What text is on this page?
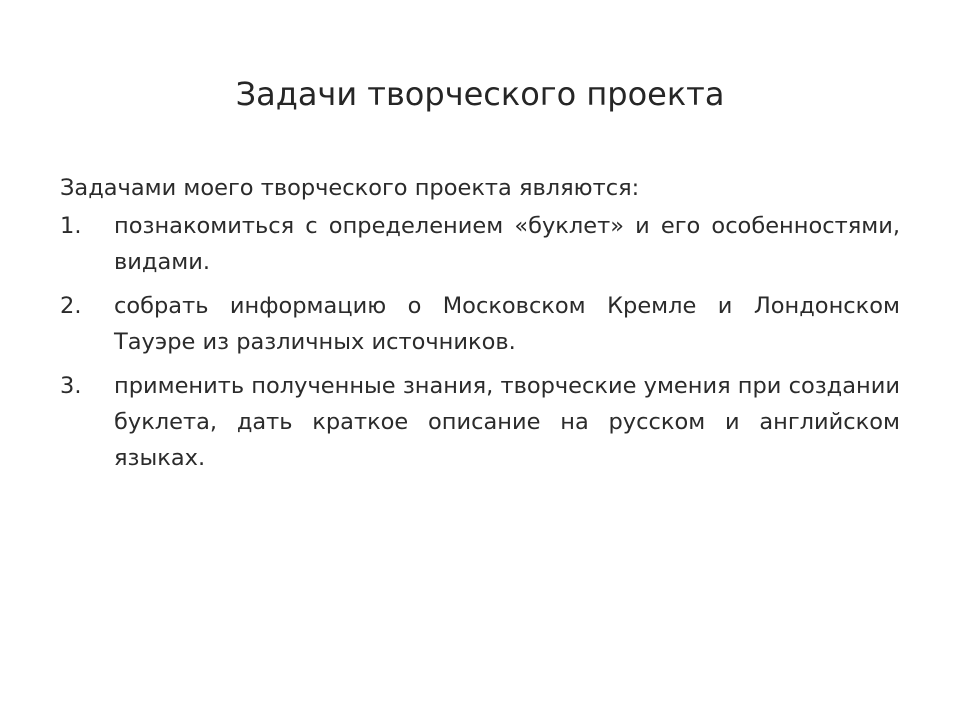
Задачи творческого проекта

Задачами моего творческого проекта являются:

1. познакомиться с определением «буклет» и его особенностями, видами.
2. собрать информацию о Московском Кремле и Лондонском Тауэре из различных источников.
3. применить полученные знания, творческие умения при создании буклета, дать краткое описание на русском и английском языках.
